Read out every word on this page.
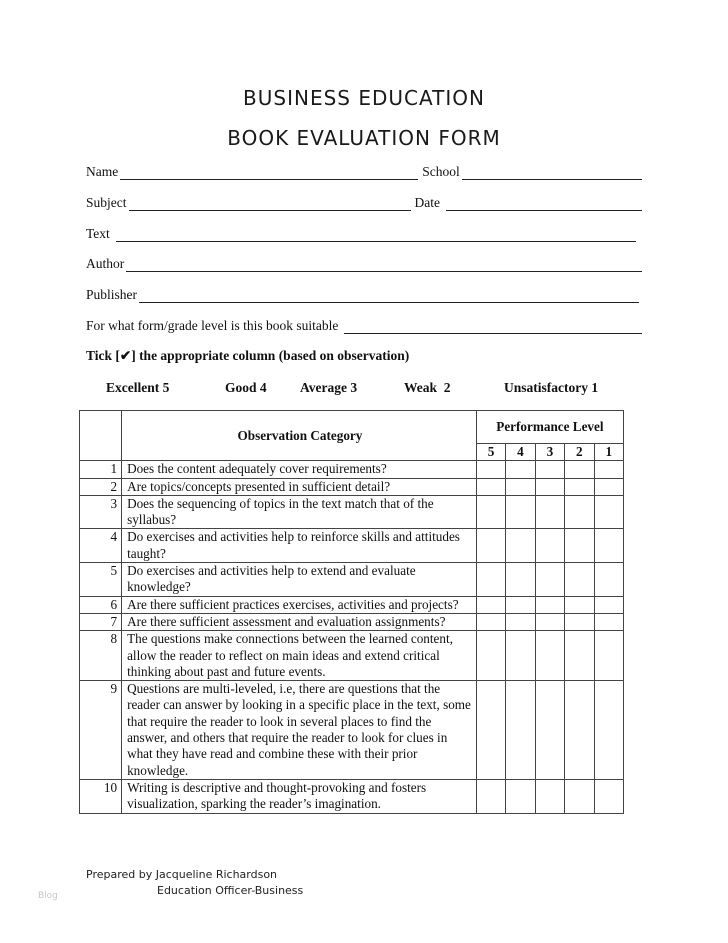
BUSINESS EDUCATION
BOOK EVALUATION FORM
Name	School
Subject	Date
Text
Author
Publisher
For what form/grade level is this book suitable
Tick [✔] the appropriate column (based on observation)
Excellent 5	Good 4 Average 3	Weak  2	Unsatisfactory 1
	Observation Category	Performance Level				
		5	4	3	2	1
1	Does the content adequately cover requirements?					
2	Are topics/concepts presented in sufficient detail?					
3	Does the sequencing of topics in the text match that of the syllabus?					
4	Do exercises and activities help to reinforce skills and attitudes taught?					
5	Do exercises and activities help to extend and evaluate knowledge?					
6	Are there sufficient practices exercises, activities and projects?					
7	Are there sufficient assessment and evaluation assignments?					
8	The questions make connections between the learned content, allow the reader to reflect on main ideas and extend critical thinking about past and future events.					
9	Questions are multi-leveled, i.e, there are questions that the reader can answer by looking in a specific place in the text, some that require the reader to look in several places to find the answer, and others that require the reader to look for clues in what they have read and combine these with their prior knowledge.					
10	Writing is descriptive and thought-provoking and fosters visualization, sparking the reader’s imagination.					
Prepared by Jacqueline Richardson
Education Officer-Business
Blog
